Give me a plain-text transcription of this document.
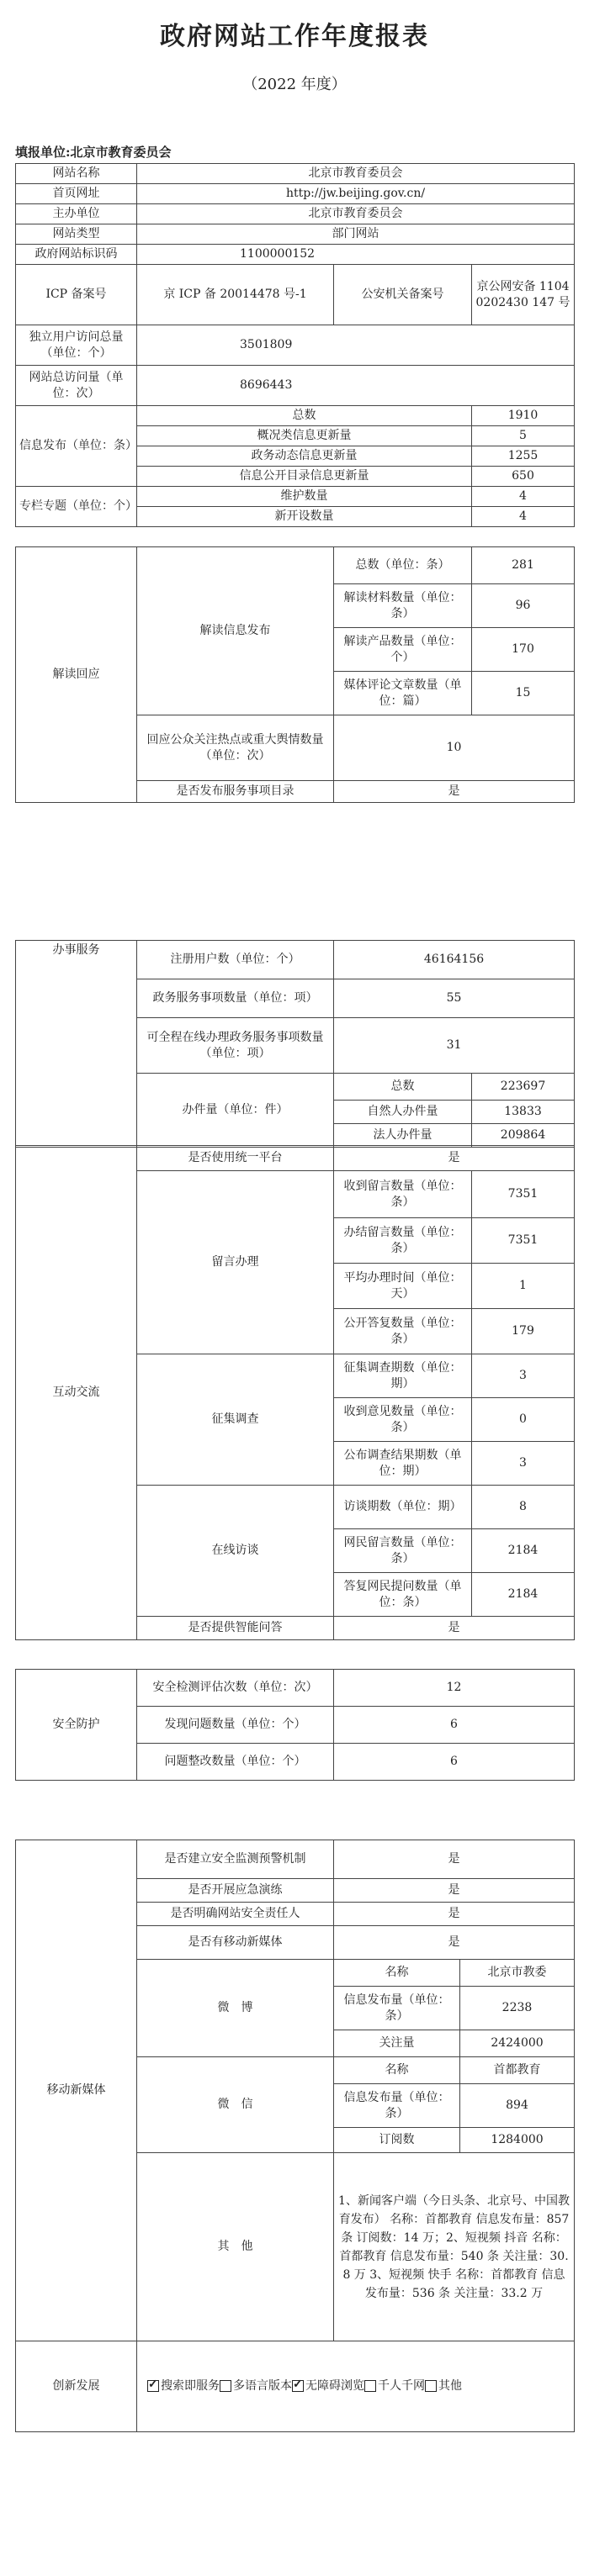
政府网站工作年度报表
（2022 年度）
填报单位:北京市教育委员会
网站名称	北京市教育委员会		
首页网址	http://jw.beijing.gov.cn/		
主办单位	北京市教育委员会		
网站类型	部门网站		
政府网站标识码	1100000152		
ICP 备案号	京 ICP 备 20014478 号-1	公安机关备案号	京公网安备 11040202430 147 号
独立用户访问总量（单位：个）	3501809		
网站总访问量（单位：次）	8696443		
信息发布（单位：条）	总数		1910
	概况类信息更新量		5
	政务动态信息更新量		1255
	信息公开目录信息更新量		650
专栏专题（单位：个）	维护数量		4
	新开设数量		4
解读回应	解读信息发布	总数（单位：条）	281
		解读材料数量（单位：条）	96
		解读产品数量（单位：个）	170
		媒体评论文章数量（单位：篇）	15
	回应公众关注热点或重大舆情数量（单位：次）	10	
	是否发布服务事项目录	是	
办事服务	注册用户数（单位：个）	46164156	
	政务服务事项数量（单位：项）	55	
	可全程在线办理政务服务事项数量（单位：项）	31	
	办件量（单位：件）	总数	223697
		自然人办件量	13833
		法人办件量	209864
互动交流	是否使用统一平台	是	
	留言办理	收到留言数量（单位：条）	7351
		办结留言数量（单位：条）	7351
		平均办理时间（单位：天）	1
		公开答复数量（单位：条）	179
	征集调查	征集调查期数（单位：期）	3
		收到意见数量（单位：条）	0
		公布调查结果期数（单位：期）	3
	在线访谈	访谈期数（单位：期）	8
		网民留言数量（单位：条）	2184
		答复网民提问数量（单位：条）	2184
	是否提供智能问答	是	
安全防护	安全检测评估次数（单位：次）	12
	发现问题数量（单位：个）	6
	问题整改数量（单位：个）	6
移动新媒体	是否建立安全监测预警机制	是	
	是否开展应急演练	是	
	是否明确网站安全责任人	是	
	是否有移动新媒体	是	
	微　博	名称	北京市教委
		信息发布量（单位：条）	2238
		关注量	2424000
	微　信	名称	首都教育
		信息发布量（单位：条）	894
		订阅数	1284000
	其　他	1、新闻客户端（今日头条、北京号、中国教育发布） 名称：首都教育 信息发布量：857 条 订阅数：14 万；2、短视频 抖音 名称：首都教育 信息发布量：540 条 关注量：30.8 万 3、短视频 快手 名称：首都教育 信息发布量：536 条 关注量：33.2 万	
创新发展	✓搜索即服务 多语言版本 ✓ 无障碍浏览 千人千网 其他
